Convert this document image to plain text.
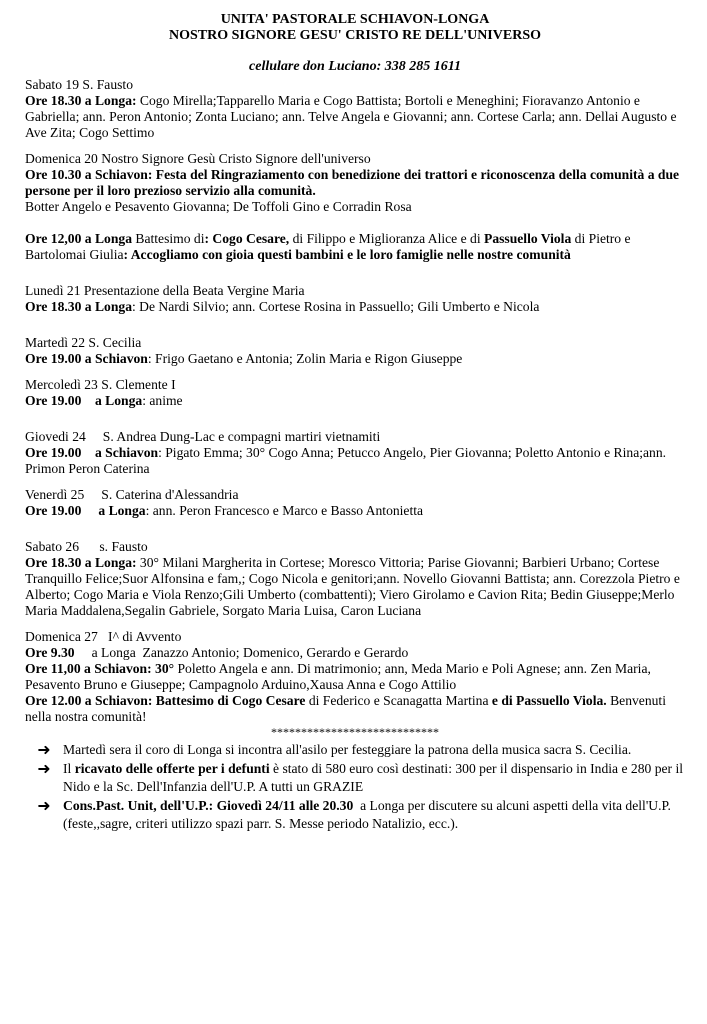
UNITA' PASTORALE SCHIAVON-LONGA
NOSTRO SIGNORE GESU' CRISTO RE DELL'UNIVERSO
cellulare don Luciano: 338 285 1611
Sabato 19 S. Fausto
Ore 18.30 a Longa: Cogo Mirella;Tapparello Maria e Cogo Battista; Bortoli e Meneghini; Fioravanzo Antonio e Gabriella; ann. Peron Antonio; Zonta Luciano; ann. Telve Angela e Giovanni; ann. Cortese Carla; ann. Dellai Augusto e Ave Zita; Cogo Settimo
Domenica 20 Nostro Signore Gesù Cristo Signore dell'universo
Ore 10.30 a Schiavon: Festa del Ringraziamento con benedizione dei trattori e riconoscenza della comunità a due persone per il loro prezioso servizio alla comunità.
Botter Angelo e Pesavento Giovanna; De Toffoli Gino e Corradin Rosa
Ore 12,00 a Longa Battesimo di: Cogo Cesare, di Filippo e Miglioranza Alice e di Passuello Viola di Pietro e Bartolomai Giulia: Accogliamo con gioia questi bambini e le loro famiglie nelle nostre comunità
Lunedì 21 Presentazione della Beata Vergine Maria
Ore 18.30 a Longa: De Nardi Silvio; ann. Cortese Rosina in Passuello; Gili Umberto e Nicola
Martedì 22 S. Cecilia
Ore 19.00 a Schiavon: Frigo Gaetano e Antonia; Zolin Maria e Rigon Giuseppe
Mercoledì 23 S. Clemente I
Ore 19.00    a Longa: anime
Giovedi 24     S. Andrea Dung-Lac e compagni martiri vietnamiti
Ore 19.00    a Schiavon: Pigato Emma; 30° Cogo Anna; Petucco Angelo, Pier Giovanna; Poletto Antonio e Rina;ann. Primon Peron Caterina
Venerdì 25     S. Caterina d'Alessandria
Ore 19.00     a Longa: ann. Peron Francesco e Marco e Basso Antonietta
Sabato 26      s. Fausto
Ore 18.30 a Longa: 30° Milani Margherita in Cortese; Moresco Vittoria; Parise Giovanni; Barbieri Urbano; Cortese Tranquillo Felice;Suor Alfonsina e fam,; Cogo Nicola e genitori;ann. Novello Giovanni Battista; ann. Corezzola Pietro e Alberto; Cogo Maria e Viola Renzo;Gili Umberto (combattenti); Viero Girolamo e Cavion Rita; Bedin Giuseppe;Merlo Maria Maddalena,Segalin Gabriele, Sorgato Maria Luisa, Caron Luciana
Domenica 27   I^ di Avvento
Ore 9.30     a Longa  Zanazzo Antonio; Domenico, Gerardo e Gerardo
Ore 11,00 a Schiavon: 30° Poletto Angela e ann. Di matrimonio; ann, Meda Mario e Poli Agnese; ann. Zen Maria, Pesavento Bruno e Giuseppe; Campagnolo Arduino,Xausa Anna e Cogo Attilio
Ore 12.00 a Schiavon: Battesimo di Cogo Cesare di Federico e Scanagatta Martina e di Passuello Viola. Benvenuti nella nostra comunità!
****************************
➜ Martedì sera il coro di Longa si incontra all'asilo per festeggiare la patrona della musica sacra S. Cecilia.
➜ Il ricavato delle offerte per i defunti è stato di 580 euro così destinati: 300 per il dispensario in India e 280 per il Nido e la Sc. Dell'Infanzia dell'U.P. A tutti un GRAZIE
➜ Cons.Past. Unit, dell'U.P.: Giovedì 24/11 alle 20.30  a Longa per discutere su alcuni aspetti della vita dell'U.P. (feste,,sagre, criteri utilizzo spazi parr. S. Messe periodo Natalizio, ecc.).
